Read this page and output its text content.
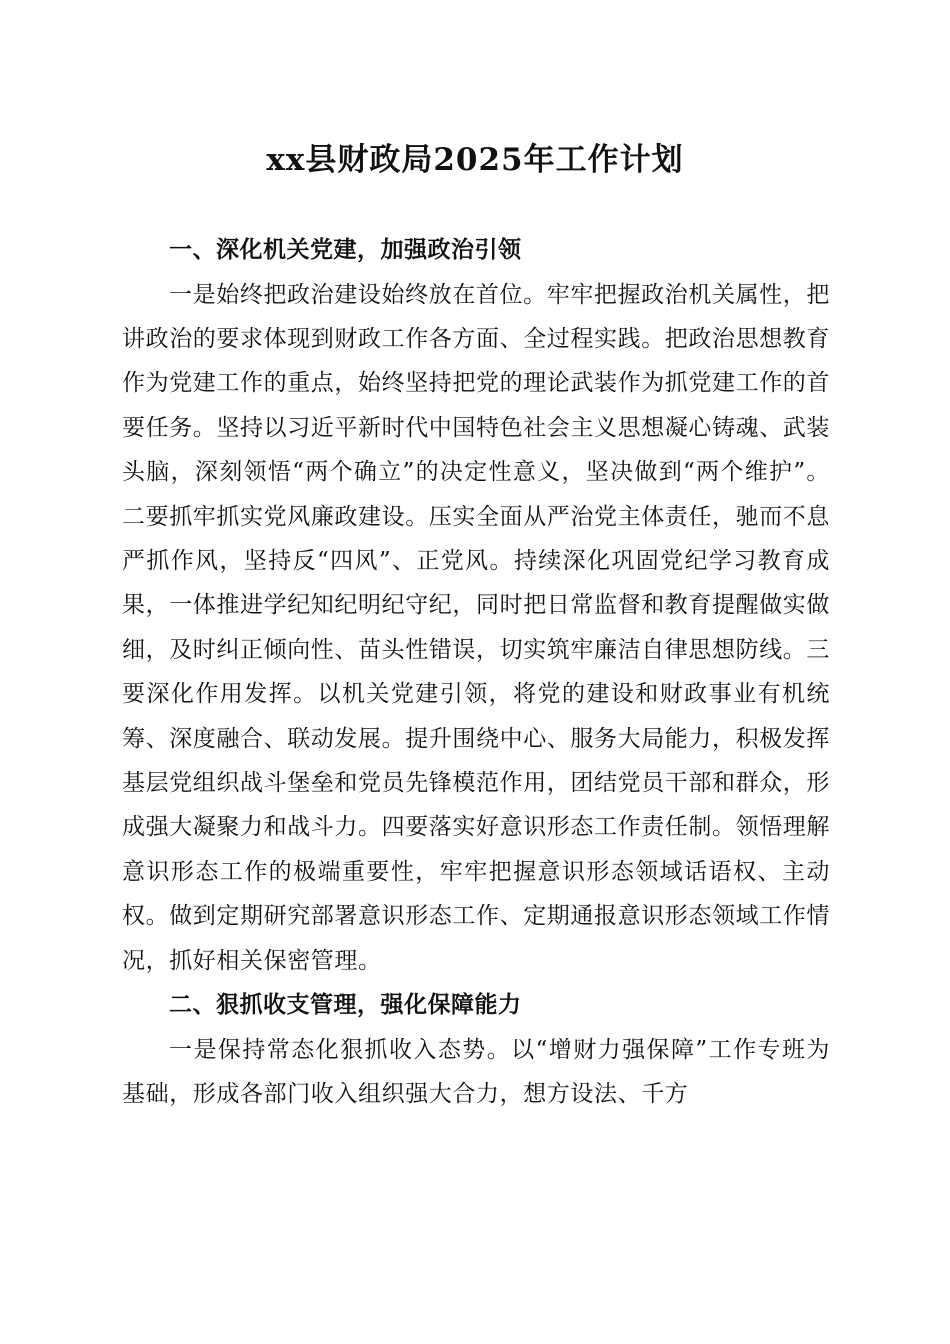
xx县财政局2025年工作计划

一、深化机关党建，加强政治引领

一是始终把政治建设始终放在首位。牢牢把握政治机关属性，把讲政治的要求体现到财政工作各方面、全过程实践。把政治思想教育作为党建工作的重点，始终坚持把党的理论武装作为抓党建工作的首要任务。坚持以习近平新时代中国特色社会主义思想凝心铸魂、武装头脑，深刻领悟“两个确立”的决定性意义，坚决做到“两个维护”。二要抓牢抓实党风廉政建设。压实全面从严治党主体责任，驰而不息严抓作风，坚持反“四风”、正党风。持续深化巩固党纪学习教育成果，一体推进学纪知纪明纪守纪，同时把日常监督和教育提醒做实做细，及时纠正倾向性、苗头性错误，切实筑牢廉洁自律思想防线。三要深化作用发挥。以机关党建引领，将党的建设和财政事业有机统筹、深度融合、联动发展。提升围绕中心、服务大局能力，积极发挥基层党组织战斗堡垒和党员先锋模范作用，团结党员干部和群众，形成强大凝聚力和战斗力。四要落实好意识形态工作责任制。领悟理解意识形态工作的极端重要性，牢牢把握意识形态领域话语权、主动权。做到定期研究部署意识形态工作、定期通报意识形态领域工作情况，抓好相关保密管理。

二、狠抓收支管理，强化保障能力

一是保持常态化狠抓收入态势。以“增财力强保障”工作专班为基础，形成各部门收入组织强大合力，想方设法、千方
